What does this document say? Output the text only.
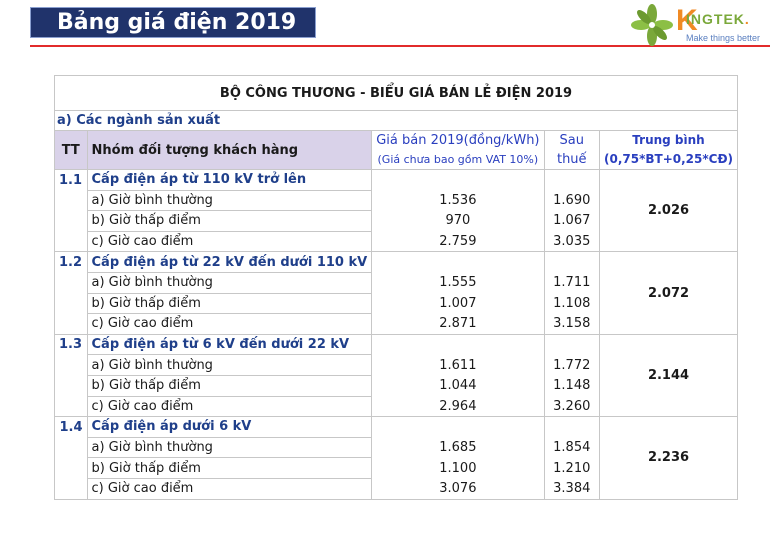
Bảng giá điện 2019	K
INGTEK.
Make things better
BỘ CÔNG THƯƠNG - BIỂU GIÁ BÁN LẺ ĐIỆN 2019				
a) Các ngành sản xuất				
TT	Nhóm đối tượng khách hàng	Giá bán 2019(đồng/kWh)	Sau	Trung bình
		(Giá chưa bao gồm VAT 10%)	thuế	(0,75*BT+0,25*CĐ)
1.1	Cấp điện áp từ 110 kV trở lên			2.026
	a) Giờ bình thường	1.536	1.690	
	b) Giờ thấp điểm	970	1.067	
	c) Giờ cao điểm	2.759	3.035	
1.2	Cấp điện áp từ 22 kV đến dưới 110 kV			2.072
	a) Giờ bình thường	1.555	1.711	
	b) Giờ thấp điểm	1.007	1.108	
	c) Giờ cao điểm	2.871	3.158	
1.3	Cấp điện áp từ 6 kV đến dưới 22 kV			2.144
	a) Giờ bình thường	1.611	1.772	
	b) Giờ thấp điểm	1.044	1.148	
	c) Giờ cao điểm	2.964	3.260	
1.4	Cấp điện áp dưới 6 kV			2.236
	a) Giờ bình thường	1.685	1.854	
	b) Giờ thấp điểm	1.100	1.210	
	c) Giờ cao điểm	3.076	3.384	
